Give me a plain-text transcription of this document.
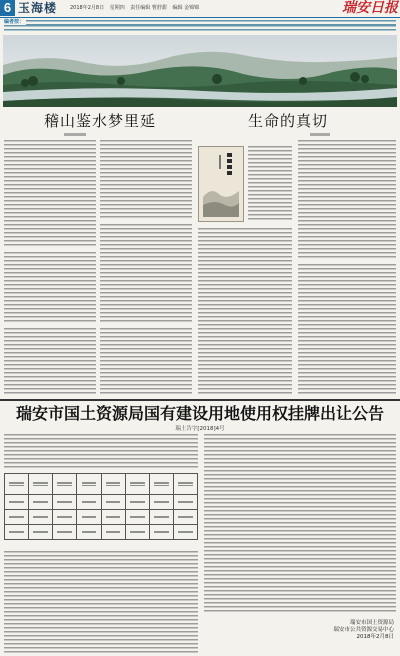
6 玉海楼	2018年2月8日 星期四 责任编辑 曹舒甜 编辑 金锦锦	瑞安日报
编者按：
稽山鉴水梦里延	生命的真切
瑞安市国土资源局国有建设用地使用权挂牌出让公告
瑞土告字[2018]4号

瑞安市国土资源局
瑞安市公共资源交易中心
2018年2月8日
